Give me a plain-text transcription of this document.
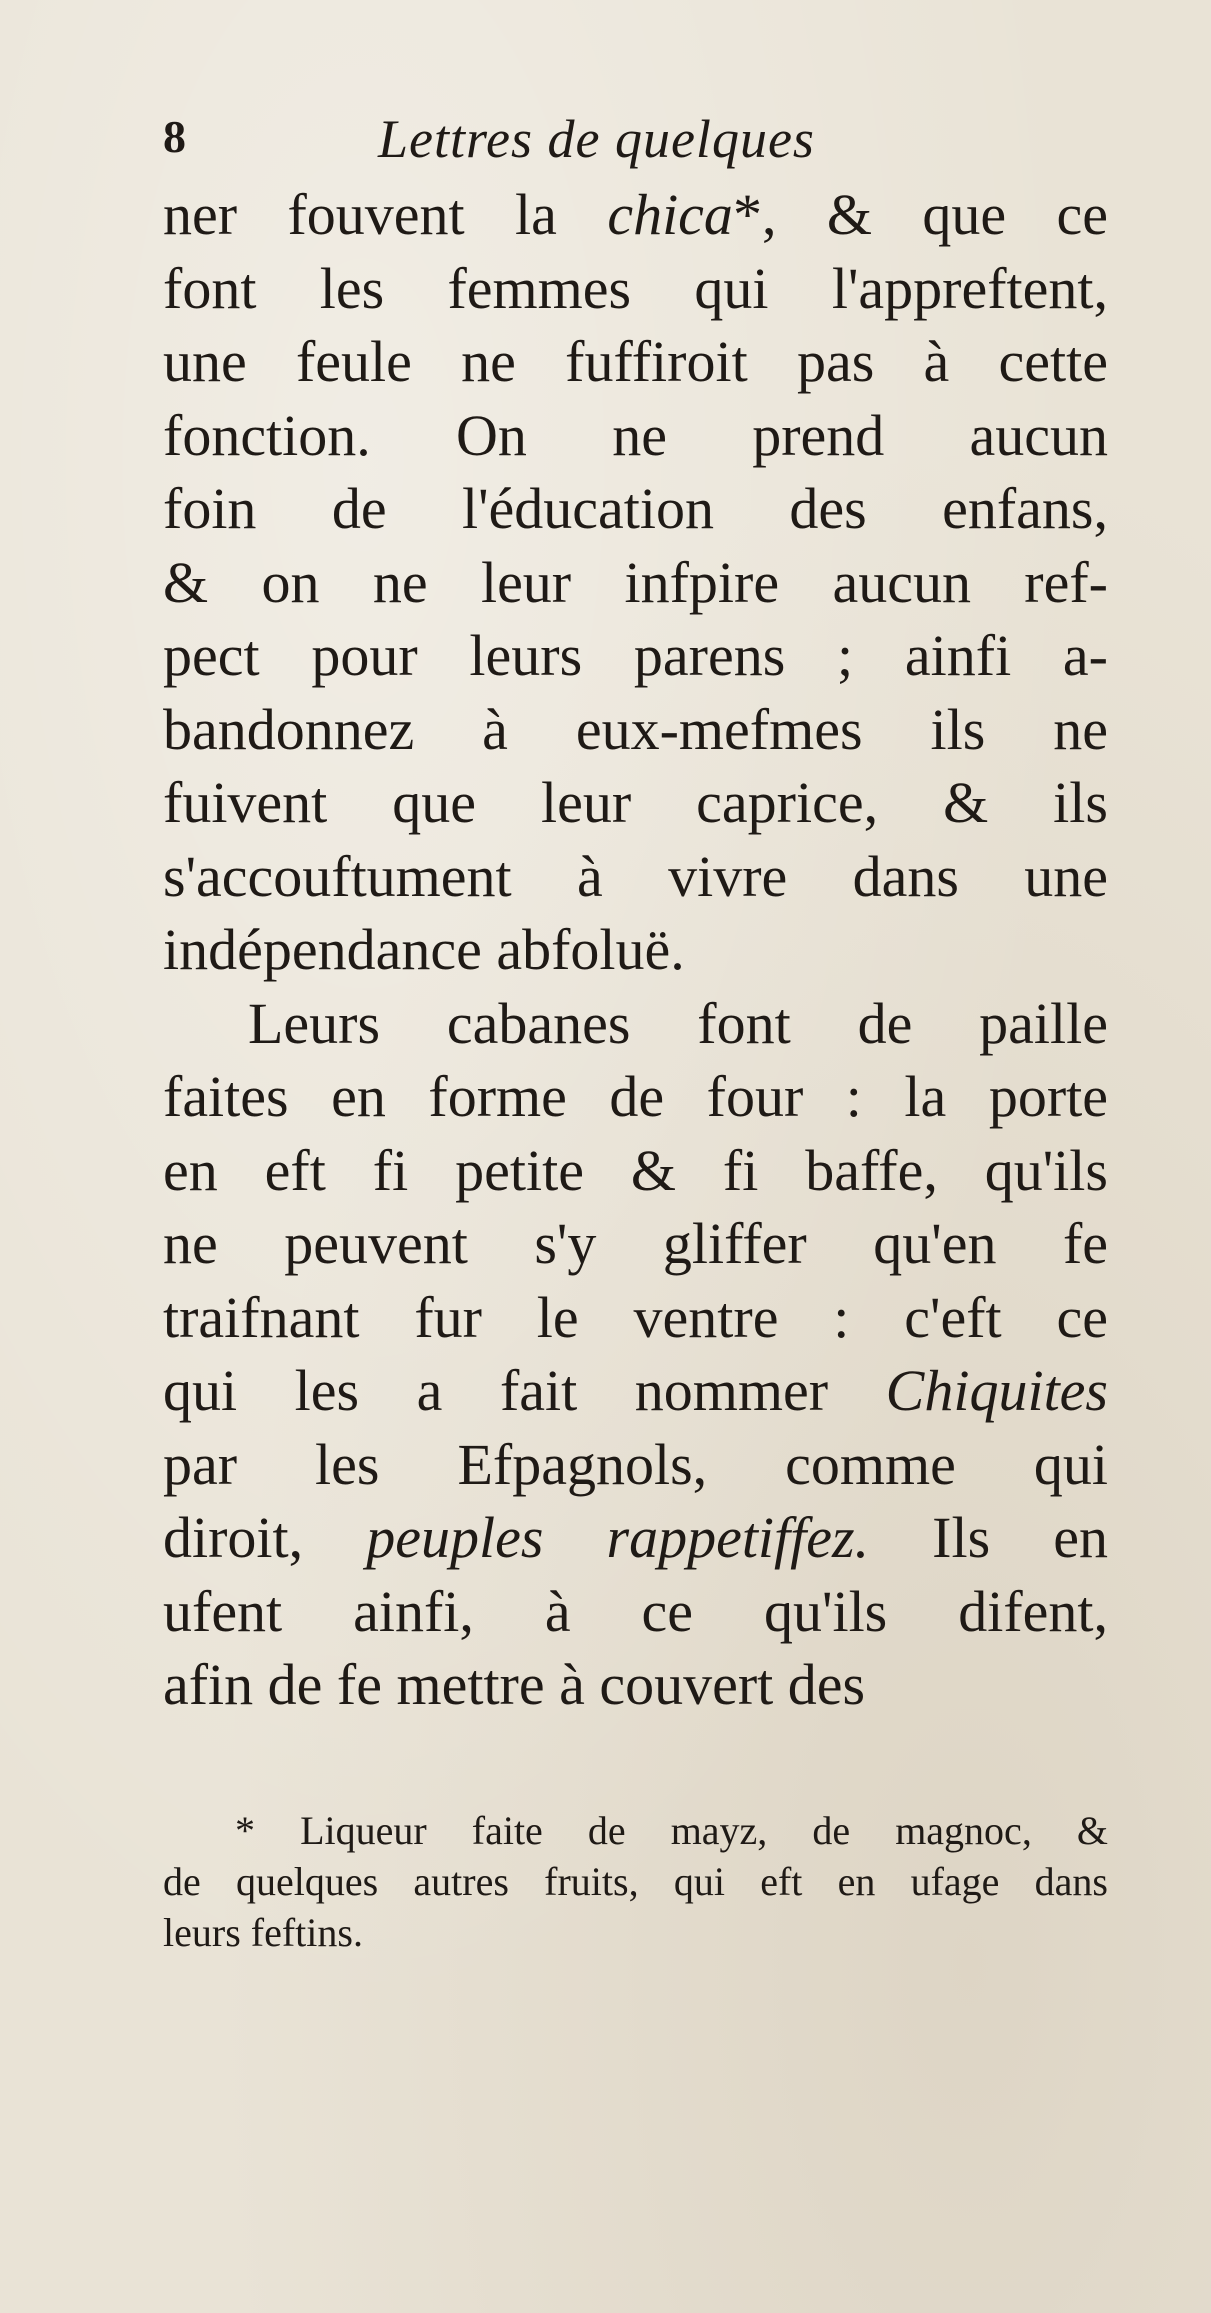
8	Lettres de quelques
ner fouvent la chica*, & que ce
font les femmes qui l'appreftent,
une feule ne fuffiroit pas à cette
fonction. On ne prend aucun
foin de l'éducation des enfans,
& on ne leur infpire aucun ref-
pect pour leurs parens ; ainfi a-
bandonnez à eux-mefmes ils ne
fuivent que leur caprice, & ils
s'accouftument à vivre dans une
indépendance abfoluë.
Leurs cabanes font de paille
faites en forme de four : la porte
en eft fi petite & fi baffe, qu'ils
ne peuvent s'y gliffer qu'en fe
traifnant fur le ventre : c'eft ce
qui les a fait nommer Chiquites
par les Efpagnols, comme qui
diroit, peuples rappetiffez. Ils en
ufent ainfi, à ce qu'ils difent,
afin de fe mettre à couvert des
* Liqueur faite de mayz, de magnoc, &
de quelques autres fruits, qui eft en ufage dans
leurs feftins.
